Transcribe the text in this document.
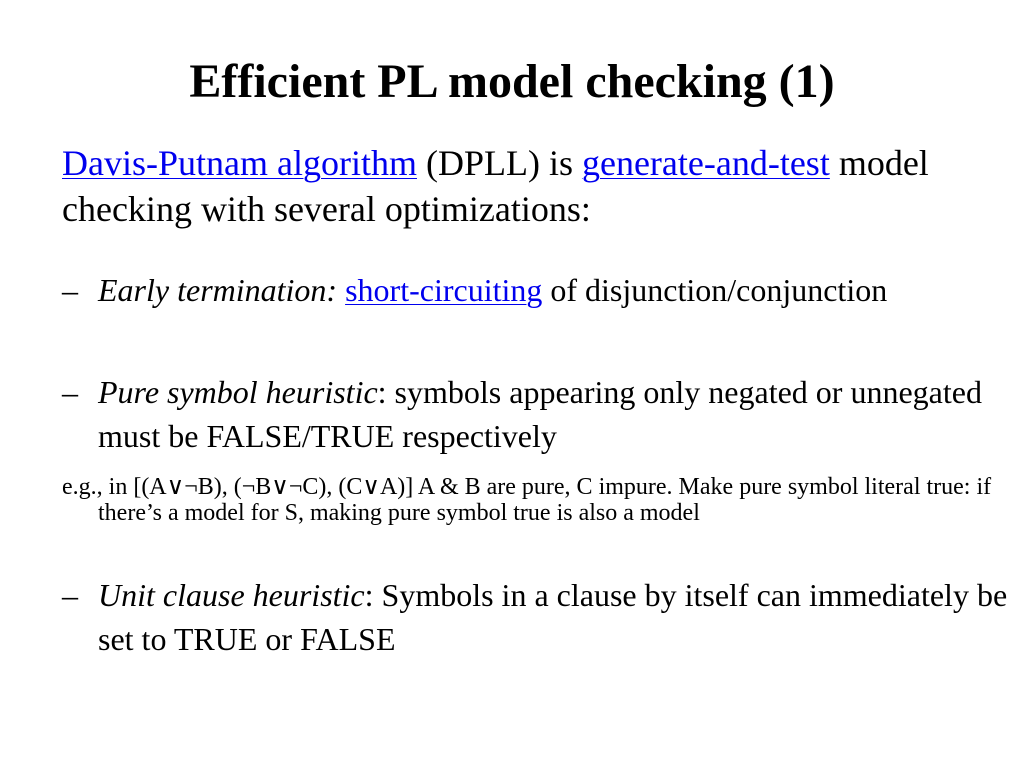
Efficient PL model checking (1)

Davis-Putnam algorithm (DPLL) is generate-and-test model checking with several optimizations:

– Early termination: short-circuiting of disjunction/conjunction

– Pure symbol heuristic: symbols appearing only negated or unnegated must be FALSE/TRUE respectively

e.g., in [(A∨¬B), (¬B∨¬C), (C∨A)] A & B are pure, C impure. Make pure symbol literal true: if there’s a model for S, making pure symbol true is also a model

– Unit clause heuristic: Symbols in a clause by itself can immediately be set to TRUE or FALSE
